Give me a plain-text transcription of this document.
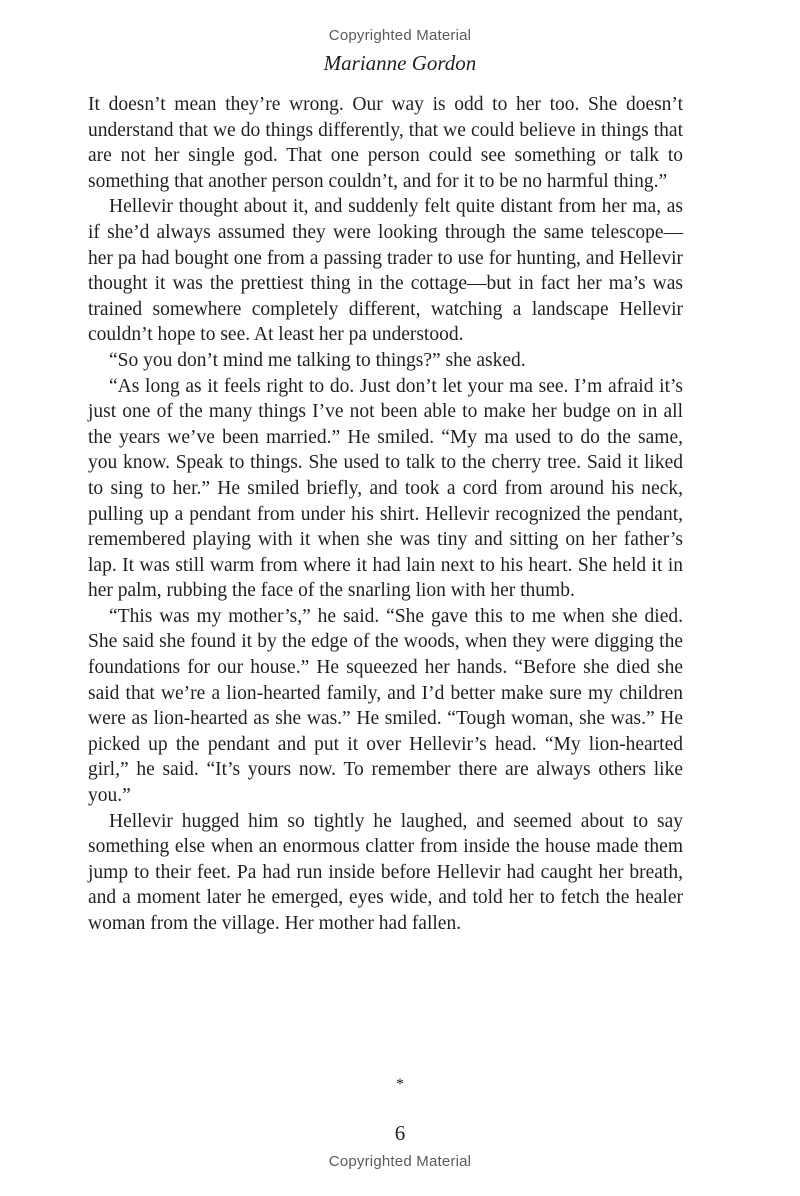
Copyrighted Material
Marianne Gordon

It doesn’t mean they’re wrong. Our way is odd to her too. She doesn’t understand that we do things differently, that we could believe in things that are not her single god. That one person could see something or talk to something that another person couldn’t, and for it to be no harmful thing.”

Hellevir thought about it, and suddenly felt quite distant from her ma, as if she’d always assumed they were looking through the same telescope—her pa had bought one from a passing trader to use for hunting, and Hellevir thought it was the prettiest thing in the cottage—but in fact her ma’s was trained somewhere completely different, watching a landscape Hellevir couldn’t hope to see. At least her pa understood.

“So you don’t mind me talking to things?” she asked.

“As long as it feels right to do. Just don’t let your ma see. I’m afraid it’s just one of the many things I’ve not been able to make her budge on in all the years we’ve been married.” He smiled. “My ma used to do the same, you know. Speak to things. She used to talk to the cherry tree. Said it liked to sing to her.” He smiled briefly, and took a cord from around his neck, pulling up a pendant from under his shirt. Hellevir recognized the pendant, remembered playing with it when she was tiny and sitting on her father’s lap. It was still warm from where it had lain next to his heart. She held it in her palm, rubbing the face of the snarling lion with her thumb.

“This was my mother’s,” he said. “She gave this to me when she died. She said she found it by the edge of the woods, when they were digging the foundations for our house.” He squeezed her hands. “Before she died she said that we’re a lion-hearted family, and I’d better make sure my children were as lion-hearted as she was.” He smiled. “Tough woman, she was.” He picked up the pendant and put it over Hellevir’s head. “My lion-hearted girl,” he said. “It’s yours now. To remember there are always others like you.”

Hellevir hugged him so tightly he laughed, and seemed about to say something else when an enormous clatter from inside the house made them jump to their feet. Pa had run inside before Hellevir had caught her breath, and a moment later he emerged, eyes wide, and told her to fetch the healer woman from the village. Her mother had fallen.

*
6
Copyrighted Material
